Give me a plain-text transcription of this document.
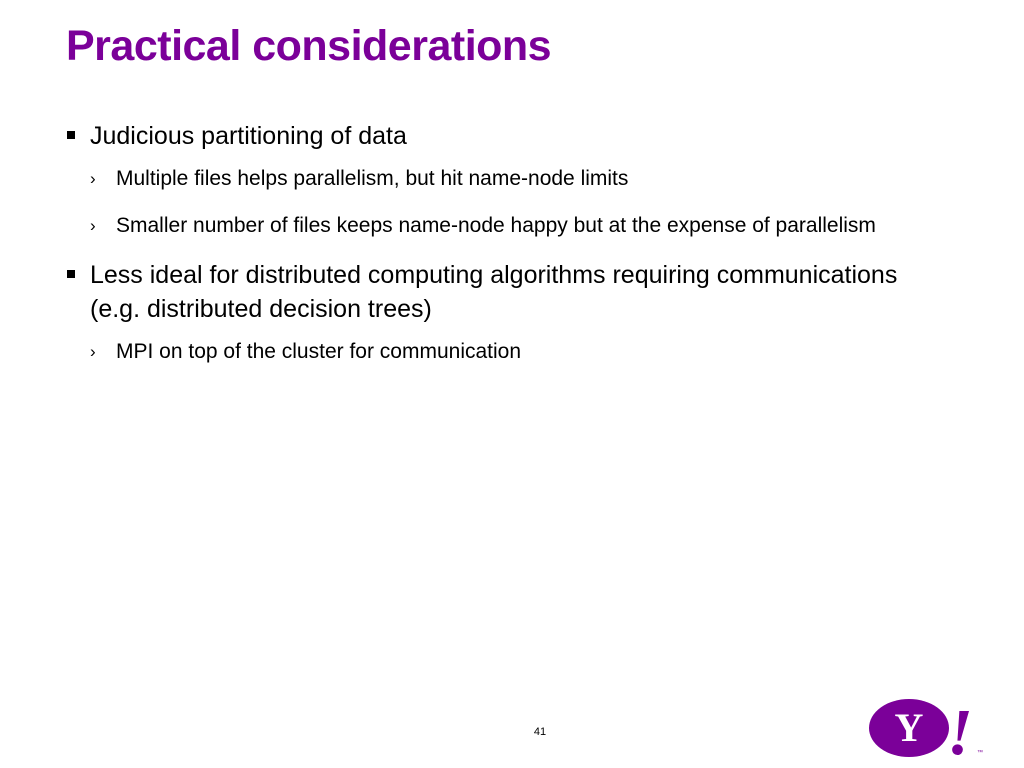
Practical considerations
Judicious partitioning of data
› Multiple files helps parallelism, but hit name-node limits
› Smaller number of files keeps name-node happy but at the expense of parallelism
Less ideal for distributed computing algorithms requiring communications (e.g. distributed decision trees)
› MPI on top of the cluster for communication
41	Y ! ™
